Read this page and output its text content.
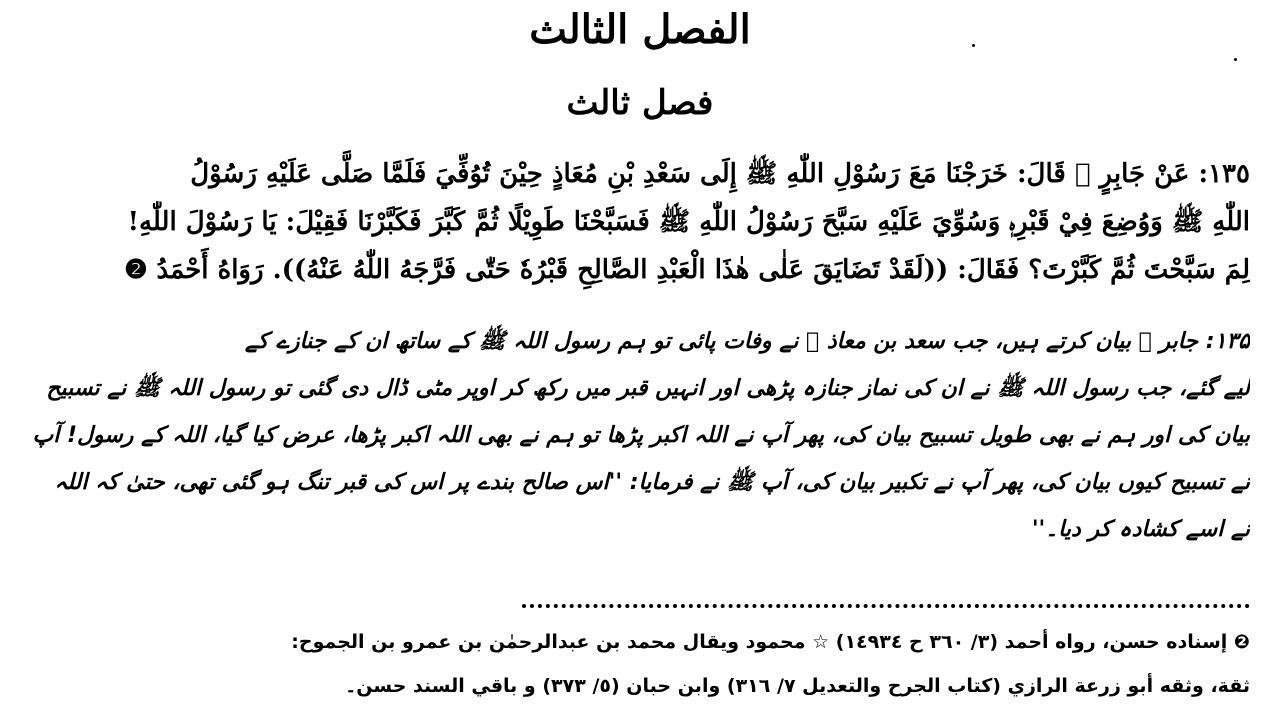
الفصل الثالث
فصل ثالث
١٣٥: عَنْ جَابِرٍ ﷛ قَالَ: خَرَجْنَا مَعَ رَسُوْلِ اللّٰهِ ﷺ إِلَى سَعْدِ بْنِ مُعَاذٍ حِيْنَ تُوُفِّيَ فَلَمَّا صَلَّى عَلَيْهِ رَسُوْلُ
اللّٰهِ ﷺ وَوُضِعَ فِيْ قَبْرِهٖ وَسُوِّيَ عَلَيْهِ سَبَّحَ رَسُوْلُ اللّٰهِ ﷺ فَسَبَّحْنَا طَوِيْلًا ثُمَّ كَبَّرَ فَكَبَّرْنَا فَقِيْلَ: يَا رَسُوْلَ اللّٰهِ!
لِمَ سَبَّحْتَ ثُمَّ كَبَّرْتَ؟ فَقَالَ: ((لَقَدْ تَضَايَقَ عَلٰى هٰذَا الْعَبْدِ الصَّالِحِ قَبْرُهٗ حَتّٰى فَرَّجَهُ اللّٰهُ عَنْهُ)). رَوَاهُ أَحْمَدُ ❷
۱۳۵: جابر ﷛ بیان کرتے ہیں، جب سعد بن معاذ ﷛ نے وفات پائی تو ہم رسول اللہ ﷺ کے ساتھ ان کے جنازے کے
لیے گئے، جب رسول اللہ ﷺ نے ان کی نماز جنازہ پڑھی اور انہیں قبر میں رکھ کر اوپر مٹی ڈال دی گئی تو رسول اللہ ﷺ نے تسبیح
بیان کی اور ہم نے بھی طویل تسبیح بیان کی، پھر آپ نے اللہ اکبر پڑھا تو ہم نے بھی اللہ اکبر پڑھا، عرض کیا گیا، اللہ کے رسول! آپ
نے تسبیح کیوں بیان کی، پھر آپ نے تکبیر بیان کی، آپ ﷺ نے فرمایا: ''اس صالح بندے پر اس کی قبر تنگ ہو گئی تھی، حتیٰ کہ اللہ
نے اسے کشادہ کر دیا۔''
❷ إسناده حسن، رواه أحمد (٣/ ٣٦٠ ح ١٤٩٣٤) ☆ محمود ويقال محمد بن عبدالرحمٰن بن عمرو بن الجموح:
ثقة، وثقه أبو زرعة الرازي (كتاب الجرح والتعديل ٧/ ٣١٦) وابن حبان (٥/ ٣٧٣) و باقي السند حسن۔
